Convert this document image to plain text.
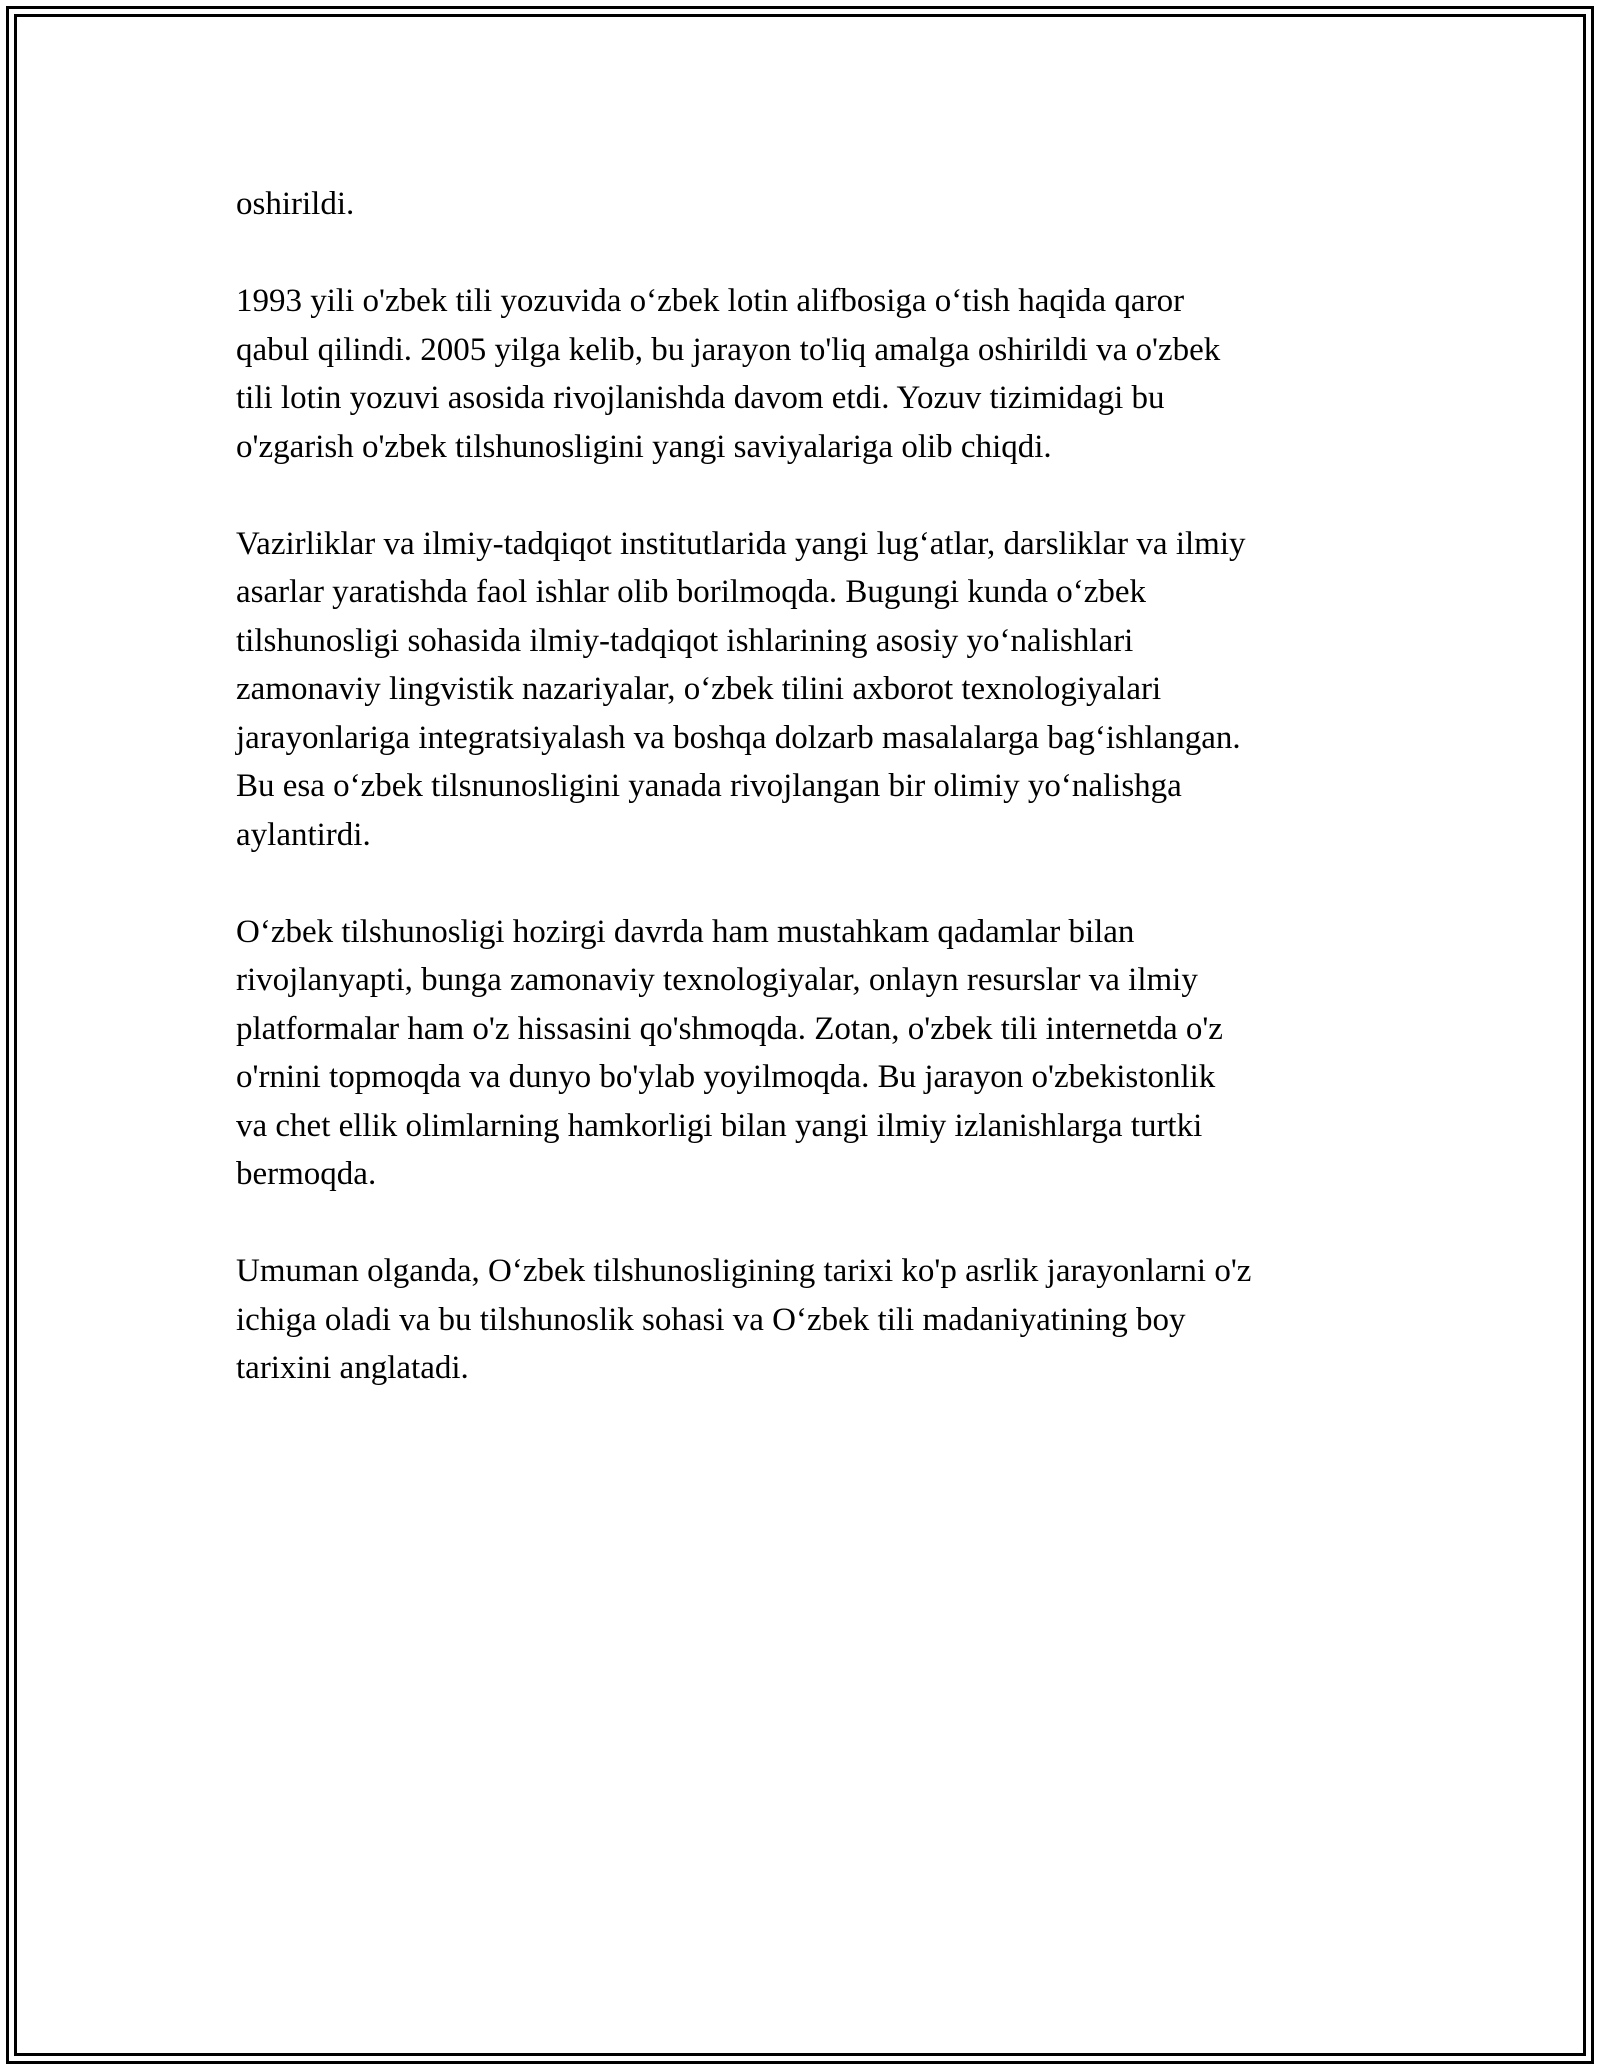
oshirildi.

1993 yili o'zbek tili yozuvida o‘zbek lotin alifbosiga o‘tish haqida qaror
qabul qilindi. 2005 yilga kelib, bu jarayon to'liq amalga oshirildi va o'zbek
tili lotin yozuvi asosida rivojlanishda davom etdi. Yozuv tizimidagi bu
o'zgarish o'zbek tilshunosligini yangi saviyalariga olib chiqdi.

Vazirliklar va ilmiy-tadqiqot institutlarida yangi lug‘atlar, darsliklar va ilmiy
asarlar yaratishda faol ishlar olib borilmoqda. Bugungi kunda o‘zbek
tilshunosligi sohasida ilmiy-tadqiqot ishlarining asosiy yo‘nalishlari
zamonaviy lingvistik nazariyalar, o‘zbek tilini axborot texnologiyalari
jarayonlariga integratsiyalash va boshqa dolzarb masalalarga bag‘ishlangan.
Bu esa o‘zbek tilsnunosligini yanada rivojlangan bir olimiy yo‘nalishga
aylantirdi.

O‘zbek tilshunosligi hozirgi davrda ham mustahkam qadamlar bilan
rivojlanyapti, bunga zamonaviy texnologiyalar, onlayn resurslar va ilmiy
platformalar ham o'z hissasini qo'shmoqda. Zotan, o'zbek tili internetda o'z
o'rnini topmoqda va dunyo bo'ylab yoyilmoqda. Bu jarayon o'zbekistonlik
va chet ellik olimlarning hamkorligi bilan yangi ilmiy izlanishlarga turtki
bermoqda.

Umuman olganda, O‘zbek tilshunosligining tarixi ko'p asrlik jarayonlarni o'z
ichiga oladi va bu tilshunoslik sohasi va O‘zbek tili madaniyatining boy
tarixini anglatadi.
